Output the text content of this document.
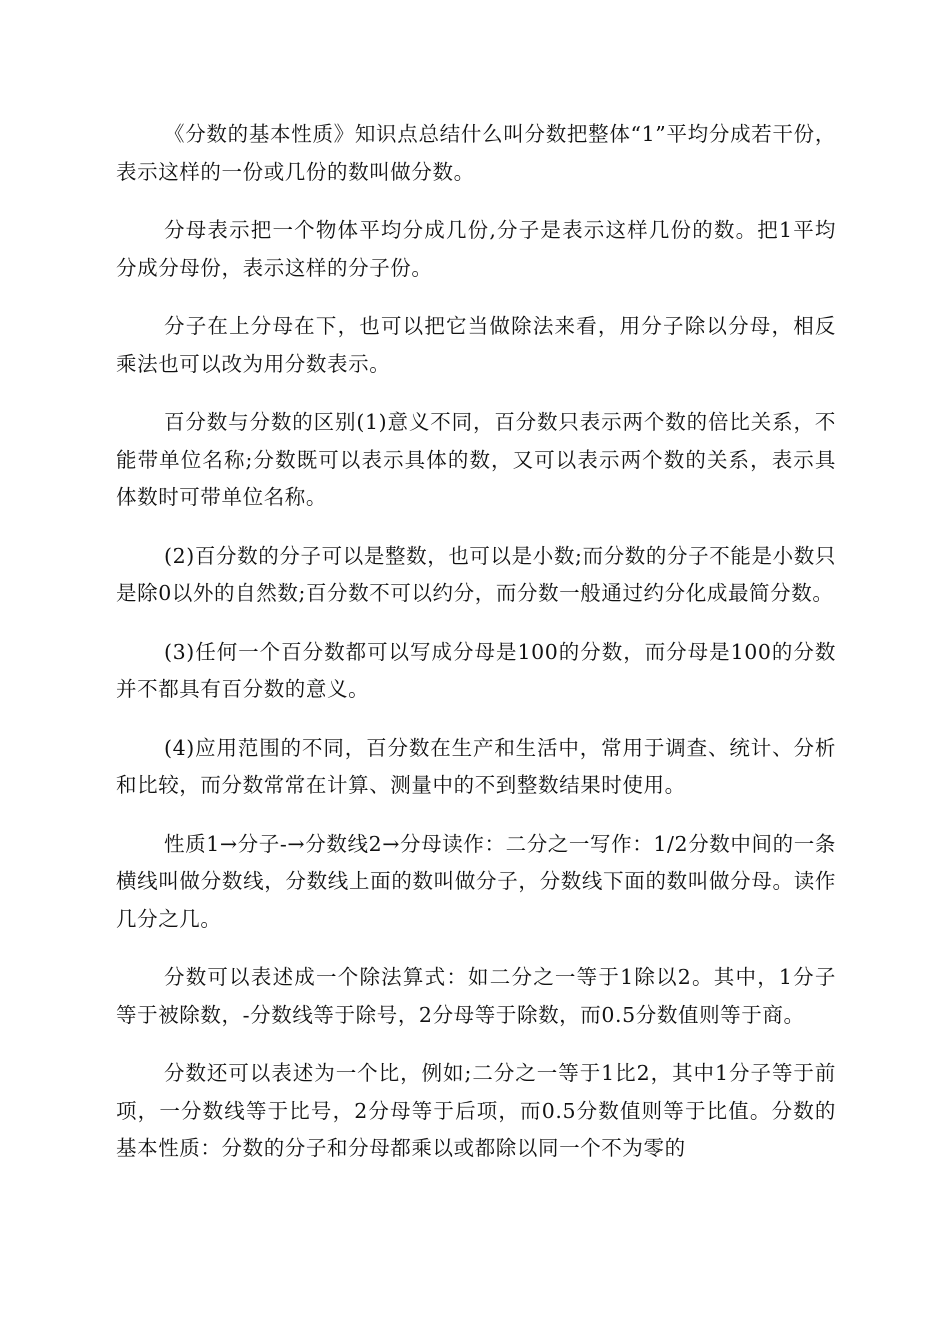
《分数的基本性质》知识点总结什么叫分数把整体“1”平均分成若干份，表示这样的一份或几份的数叫做分数。

分母表示把一个物体平均分成几份,分子是表示这样几份的数。把1平均分成分母份，表示这样的分子份。

分子在上分母在下，也可以把它当做除法来看，用分子除以分母，相反乘法也可以改为用分数表示。

百分数与分数的区别(1)意义不同，百分数只表示两个数的倍比关系，不能带单位名称;分数既可以表示具体的数，又可以表示两个数的关系，表示具体数时可带单位名称。

(2)百分数的分子可以是整数，也可以是小数;而分数的分子不能是小数只是除0以外的自然数;百分数不可以约分，而分数一般通过约分化成最简分数。

(3)任何一个百分数都可以写成分母是100的分数，而分母是100的分数并不都具有百分数的意义。

(4)应用范围的不同，百分数在生产和生活中，常用于调查、统计、分析和比较，而分数常常在计算、测量中的不到整数结果时使用。

性质1→分子-→分数线2→分母读作：二分之一写作：1/2分数中间的一条横线叫做分数线，分数线上面的数叫做分子，分数线下面的数叫做分母。读作几分之几。

分数可以表述成一个除法算式：如二分之一等于1除以2。其中，1分子等于被除数，-分数线等于除号，2分母等于除数，而0.5分数值则等于商。

分数还可以表述为一个比，例如;二分之一等于1比2，其中1分子等于前项，一分数线等于比号，2分母等于后项，而0.5分数值则等于比值。分数的基本性质：分数的分子和分母都乘以或都除以同一个不为零的
